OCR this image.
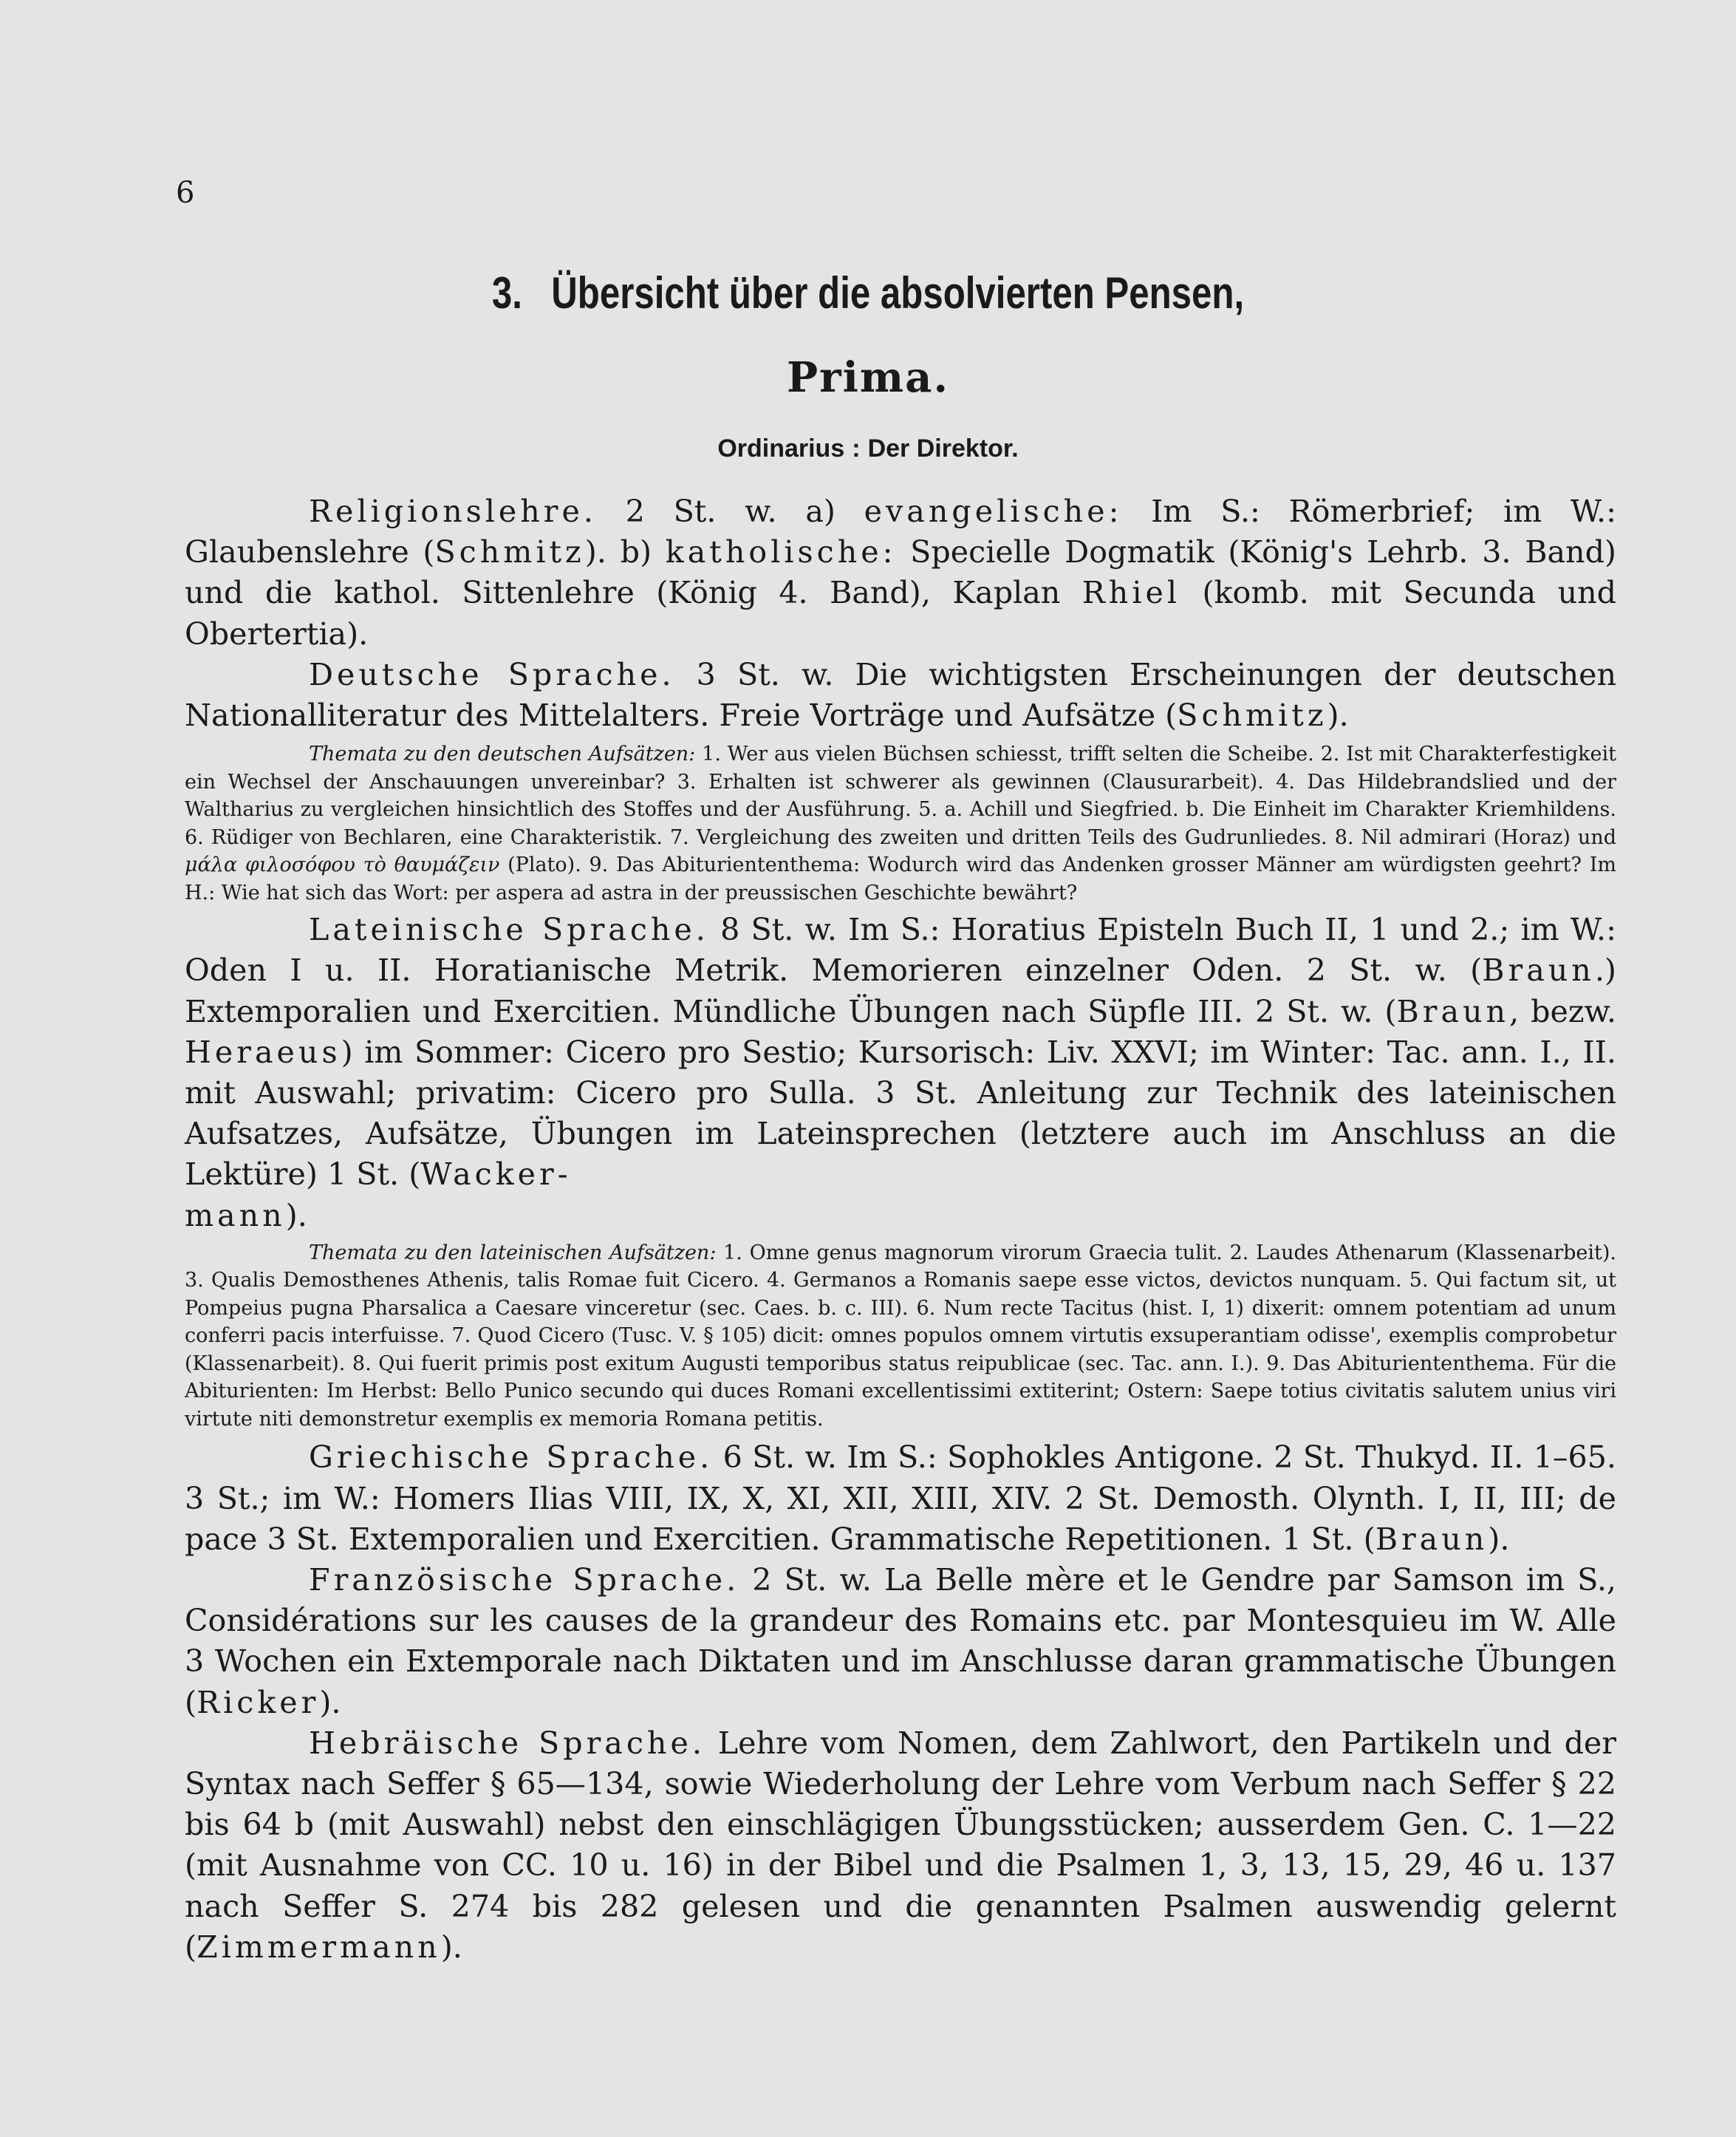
6
3. Übersicht über die absolvierten Pensen,
Prima.
Ordinarius : Der Direktor.

Religionslehre. 2 St. w. a) evangelische: Im S.: Römerbrief; im W.: Glaubenslehre (Schmitz). b) katholische: Specielle Dogmatik (König's Lehrb. 3. Band) und die kathol. Sittenlehre (König 4. Band), Kaplan Rhiel (komb. mit Secunda und Obertertia).

Deutsche Sprache. 3 St. w. Die wichtigsten Erscheinungen der deutschen Nationalliteratur des Mittelalters. Freie Vorträge und Aufsätze (Schmitz).

Themata zu den deutschen Aufsätzen: 1. Wer aus vielen Büchsen schiesst, trifft selten die Scheibe. 2. Ist mit Charakterfestigkeit ein Wechsel der Anschauungen unvereinbar? 3. Erhalten ist schwerer als gewinnen (Clausurarbeit). 4. Das Hildebrandslied und der Waltharius zu vergleichen hinsichtlich des Stoffes und der Ausführung. 5. a. Achill und Siegfried. b. Die Einheit im Charakter Kriemhildens. 6. Rüdiger von Bechlaren, eine Charakteristik. 7. Vergleichung des zweiten und dritten Teils des Gudrunliedes. 8. Nil admirari (Horaz) und μάλα φιλοσόφου τὸ θαυμάζειν (Plato). 9. Das Abituriententhema: Wodurch wird das Andenken grosser Männer am würdigsten geehrt? Im H.: Wie hat sich das Wort: per aspera ad astra in der preussischen Geschichte bewährt?

Lateinische Sprache. 8 St. w. Im S.: Horatius Episteln Buch II, 1 und 2.; im W.: Oden I u. II. Horatianische Metrik. Memorieren einzelner Oden. 2 St. w. (Braun.) Extemporalien und Exercitien. Mündliche Übungen nach Süpfle III. 2 St. w. (Braun, bezw. Heraeus) im Sommer: Cicero pro Sestio; Kursorisch: Liv. XXVI; im Winter: Tac. ann. I., II. mit Auswahl; privatim: Cicero pro Sulla. 3 St. Anleitung zur Technik des lateinischen Aufsatzes, Aufsätze, Übungen im Lateinsprechen (letztere auch im Anschluss an die Lektüre) 1 St. (Wacker-
mann).

Themata zu den lateinischen Aufsätzen: 1. Omne genus magnorum virorum Graecia tulit. 2. Laudes Athenarum (Klassenarbeit). 3. Qualis Demosthenes Athenis, talis Romae fuit Cicero. 4. Germanos a Romanis saepe esse victos, devictos nunquam. 5. Qui factum sit, ut Pompeius pugna Pharsalica a Caesare vinceretur (sec. Caes. b. c. III). 6. Num recte Tacitus (hist. I, 1) dixerit: omnem potentiam ad unum conferri pacis interfuisse. 7. Quod Cicero (Tusc. V. § 105) dicit: omnes populos omnem virtutis exsuperantiam odisse', exemplis comprobetur (Klassenarbeit). 8. Qui fuerit primis post exitum Augusti temporibus status reipublicae (sec. Tac. ann. I.). 9. Das Abituriententhema. Für die Abiturienten: Im Herbst: Bello Punico secundo qui duces Romani excellentissimi extiterint; Ostern: Saepe totius civitatis salutem unius viri virtute niti demonstretur exemplis ex memoria Romana petitis.

Griechische Sprache. 6 St. w. Im S.: Sophokles Antigone. 2 St. Thukyd. II. 1–65. 3 St.; im W.: Homers Ilias VIII, IX, X, XI, XII, XIII, XIV. 2 St. Demosth. Olynth. I, II, III; de pace 3 St. Extemporalien und Exercitien. Grammatische Repetitionen. 1 St. (Braun).

Französische Sprache. 2 St. w. La Belle mère et le Gendre par Samson im S., Considérations sur les causes de la grandeur des Romains etc. par Montesquieu im W. Alle 3 Wochen ein Extemporale nach Diktaten und im Anschlusse daran grammatische Übungen (Ricker).

Hebräische Sprache. Lehre vom Nomen, dem Zahlwort, den Partikeln und der Syntax nach Seffer § 65—134, sowie Wiederholung der Lehre vom Verbum nach Seffer § 22 bis 64 b (mit Auswahl) nebst den einschlägigen Übungsstücken; ausserdem Gen. C. 1—22 (mit Ausnahme von CC. 10 u. 16) in der Bibel und die Psalmen 1, 3, 13, 15, 29, 46 u. 137 nach Seffer S. 274 bis 282 gelesen und die genannten Psalmen auswendig gelernt (Zimmermann).
